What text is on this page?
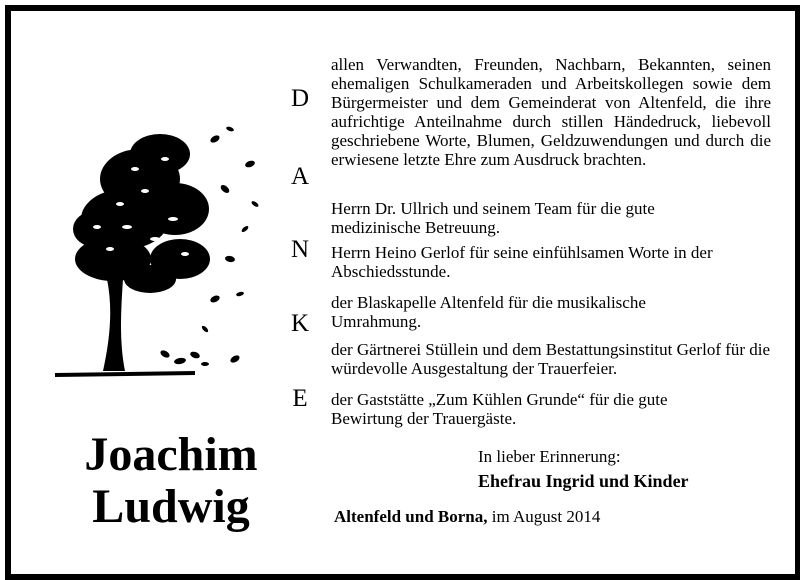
D
A
N
K
E
allen Verwandten, Freunden, Nachbarn, Bekannten, seinen ehemaligen Schulkameraden und Arbeitskollegen sowie dem Bürgermeister und dem Gemeinderat von Altenfeld, die ihre aufrichtige Anteilnahme durch stillen Händedruck, liebevoll geschriebene Worte, Blumen, Geldzuwendungen und durch die erwiesene letzte Ehre zum Ausdruck brachten.
Herrn Dr. Ullrich und seinem Team für die gute medizinische Betreuung.
Herrn Heino Gerlof für seine einfühlsamen Worte in der Abschiedsstunde.
der Blaskapelle Altenfeld für die musikalische Umrahmung.
der Gärtnerei Stüllein und dem Bestattungsinstitut Gerlof für die würdevolle Ausgestaltung der Trauerfeier.
der Gaststätte „Zum Kühlen Grunde“ für die gute Bewirtung der Trauergäste.
Joachim
Ludwig
In lieber Erinnerung:
Ehefrau Ingrid und Kinder
Altenfeld und Borna, im August 2014
